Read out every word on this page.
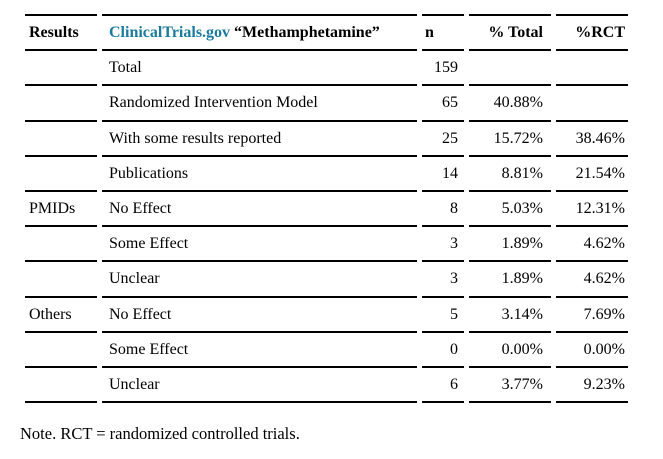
Results	ClinicalTrials.gov “Methamphetamine”	n	% Total	%RCT
	Total	159		
	Randomized Intervention Model	65	40.88%	
	With some results reported	25	15.72%	38.46%
	Publications	14	8.81%	21.54%
PMIDs	No Effect	8	5.03%	12.31%
	Some Effect	3	1.89%	4.62%
	Unclear	3	1.89%	4.62%
Others	No Effect	5	3.14%	7.69%
	Some Effect	0	0.00%	0.00%
	Unclear	6	3.77%	9.23%
Note. RCT = randomized controlled trials.
